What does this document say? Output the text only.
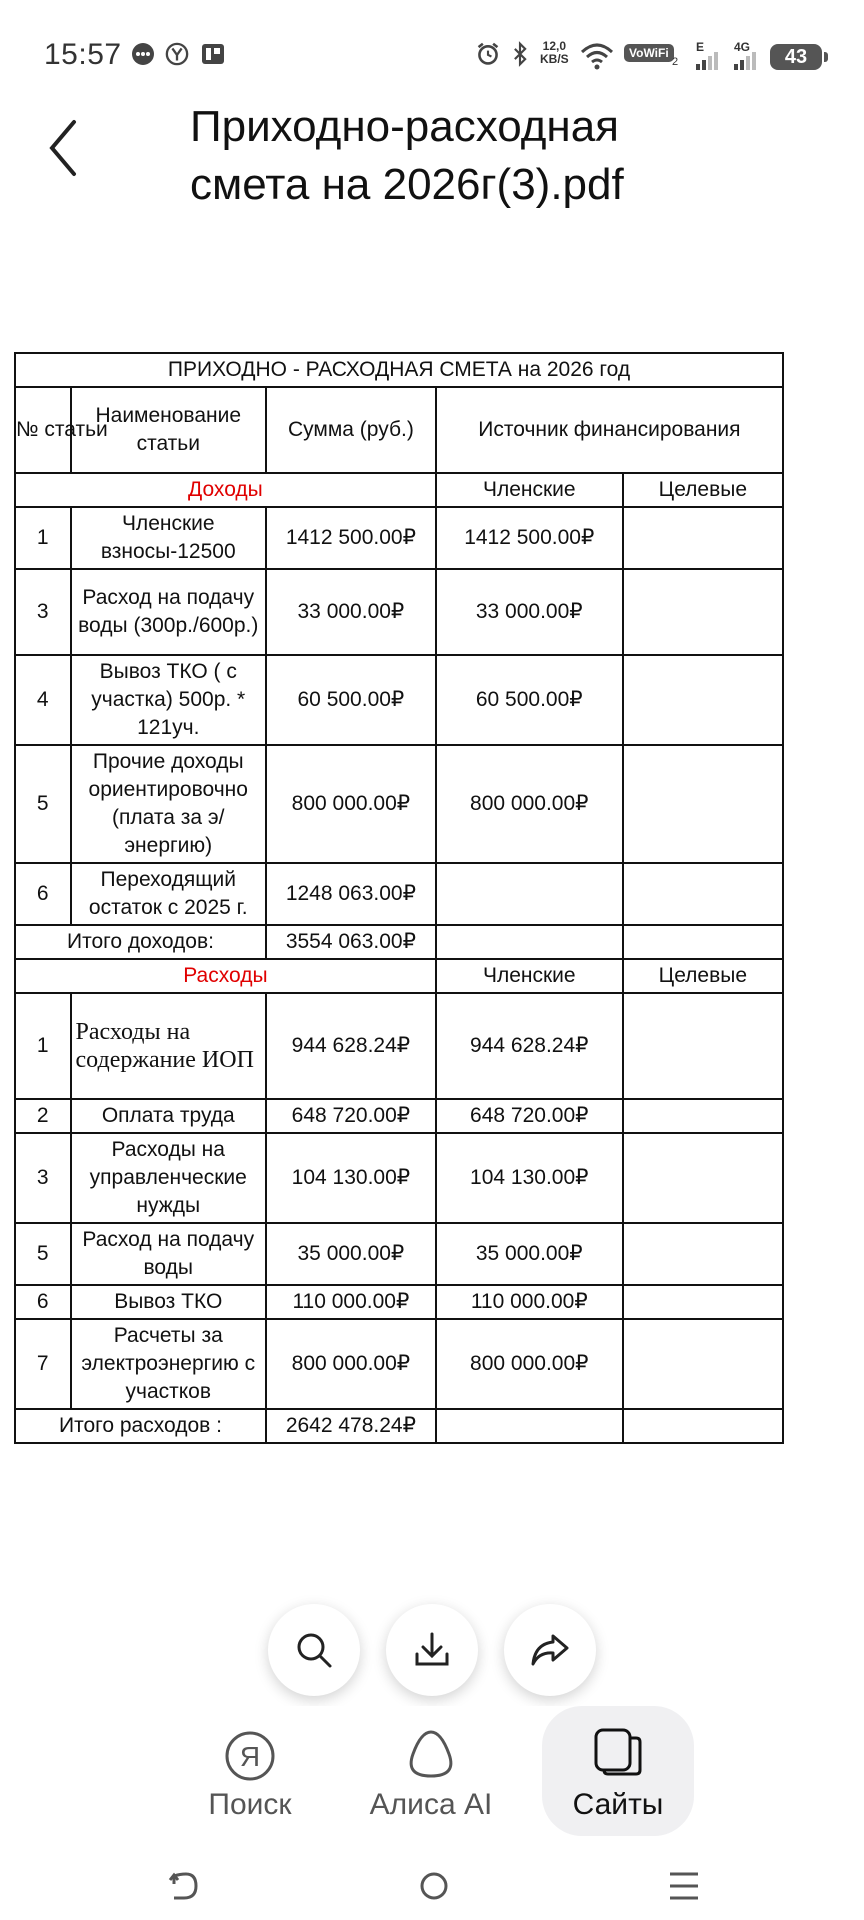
15:57	12,0
KB/S	VoWiFi
2
E 4G	43
Приходно-расходная смета на 2026г(3).pdf
ПРИХОДНО - РАСХОДНАЯ СМЕТА на 2026 год				
№ статьи	Наименование статьи	Сумма (руб.)	Источник финансирования	
Доходы			Членские	Целевые
1	Членские взносы-12500	1412 500.00₽	1412 500.00₽	
3	Расход на подачу воды (300р./600р.)	33 000.00₽	33 000.00₽	
4	Вывоз ТКО ( с участка) 500р. * 121уч.	60 500.00₽	60 500.00₽	
5	Прочие доходы ориентировочно (плата за э/энергию)	800 000.00₽	800 000.00₽	
6	Переходящий остаток с 2025 г.	1248 063.00₽		
Итого доходов:		3554 063.00₽		
Расходы			Членские	Целевые
1	Расходы на содержание ИОП	944 628.24₽	944 628.24₽	
2	Оплата труда	648 720.00₽	648 720.00₽	
3	Расходы на управленческие нужды	104 130.00₽	104 130.00₽	
5	Расход на подачу воды	35 000.00₽	35 000.00₽	
6	Вывоз ТКО	110 000.00₽	110 000.00₽	
7	Расчеты за электроэнергию с участков	800 000.00₽	800 000.00₽	
Итого расходов :		2642 478.24₽		
Я
Поиск	Алиса AI	Сайты
